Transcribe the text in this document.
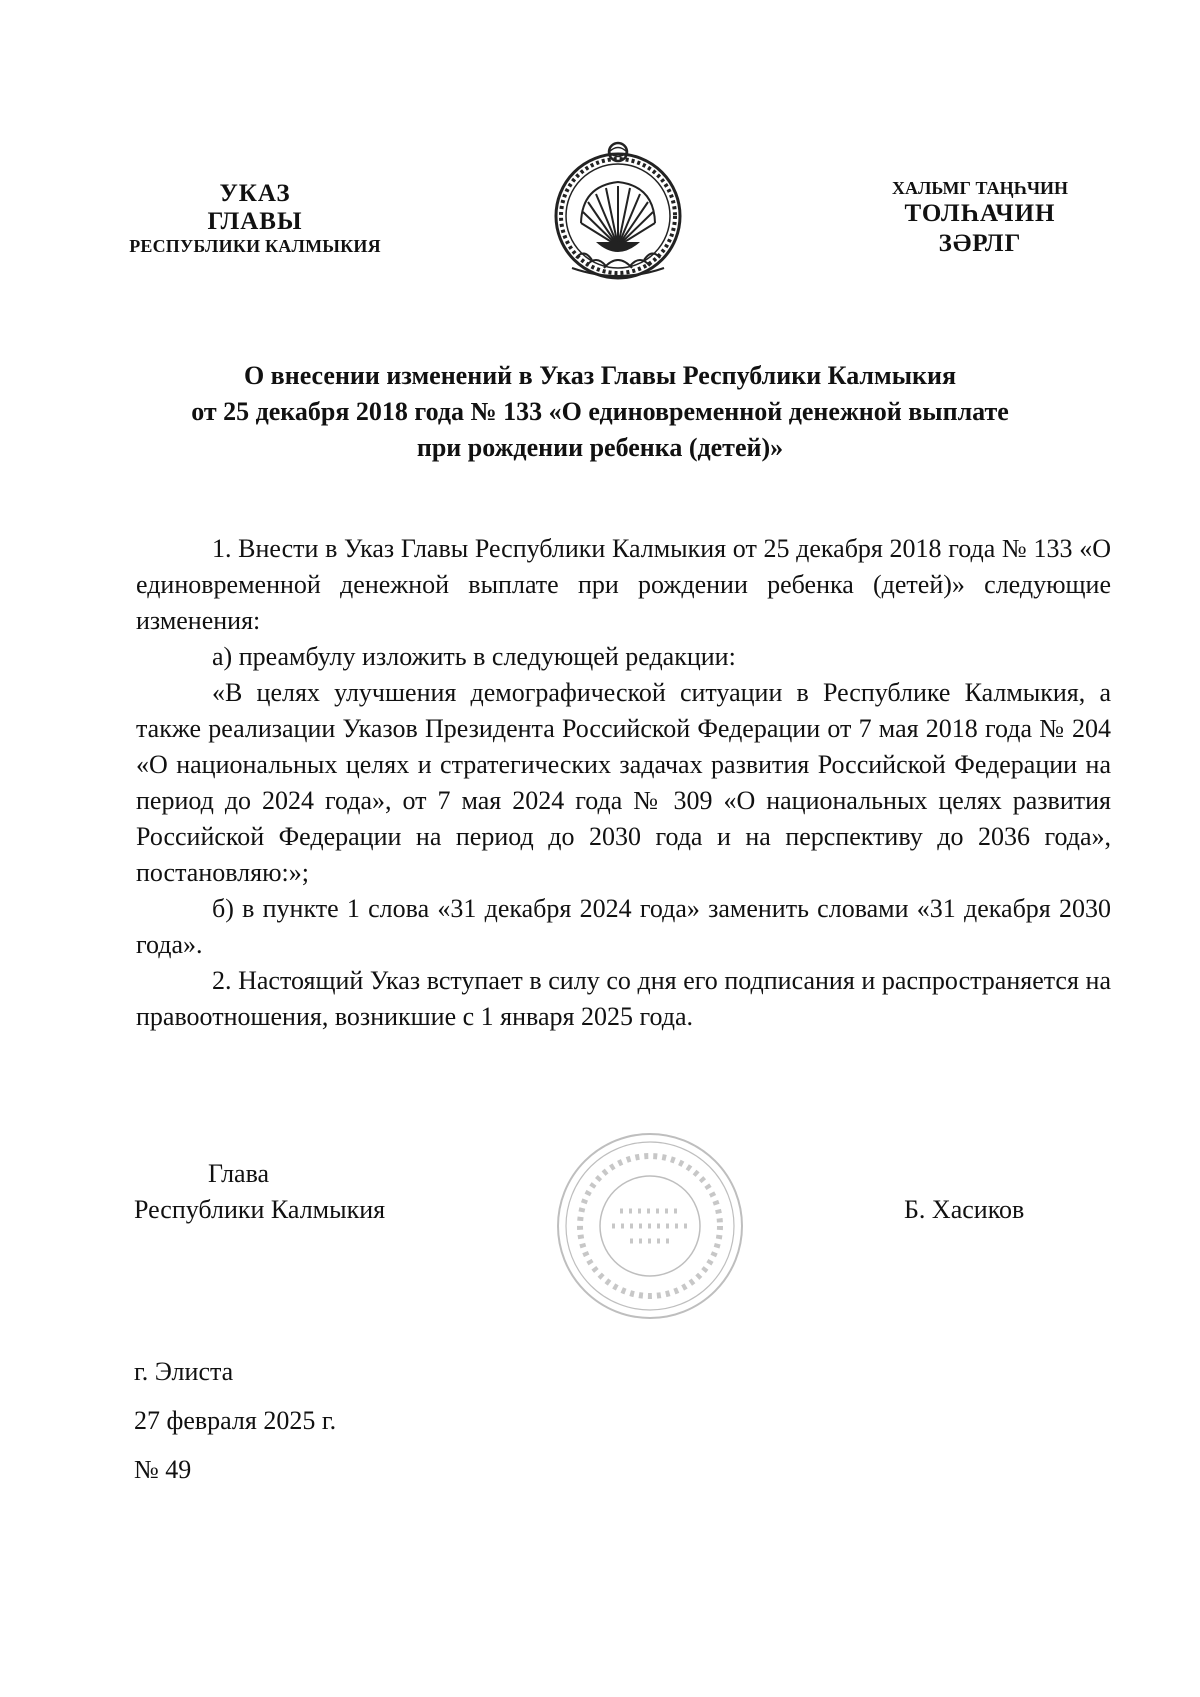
УКАЗ
ГЛАВЫ
РЕСПУБЛИКИ КАЛМЫКИЯ
ХАЛЬМГ ТАҢҺЧИН
ТОЛҺАЧИН
ЗӘРЛГ
О внесении изменений в Указ Главы Республики Калмыкия
от 25 декабря 2018 года № 133 «О единовременной денежной выплате
при рождении ребенка (детей)»

1. Внести в Указ Главы Республики Калмыкия от 25 декабря 2018 года № 133 «О единовременной денежной выплате при рождении ребенка (детей)» следующие изменения:

а) преамбулу изложить в следующей редакции:

«В целях улучшения демографической ситуации в Республике Калмыкия, а также реализации Указов Президента Российской Федерации от 7 мая 2018 года № 204 «О национальных целях и стратегических задачах развития Российской Федерации на период до 2024 года», от 7 мая 2024 года № 309 «О национальных целях развития Российской Федерации на период до 2030 года и на перспективу до 2036 года», постановляю:»;

б) в пункте 1 слова «31 декабря 2024 года» заменить словами «31 декабря 2030 года».

2. Настоящий Указ вступает в силу со дня его подписания и распространяется на правоотношения, возникшие с 1 января 2025 года.

Глава
Республики Калмыкия	Б. Хасиков
г. Элиста
27 февраля 2025 г.
№ 49
